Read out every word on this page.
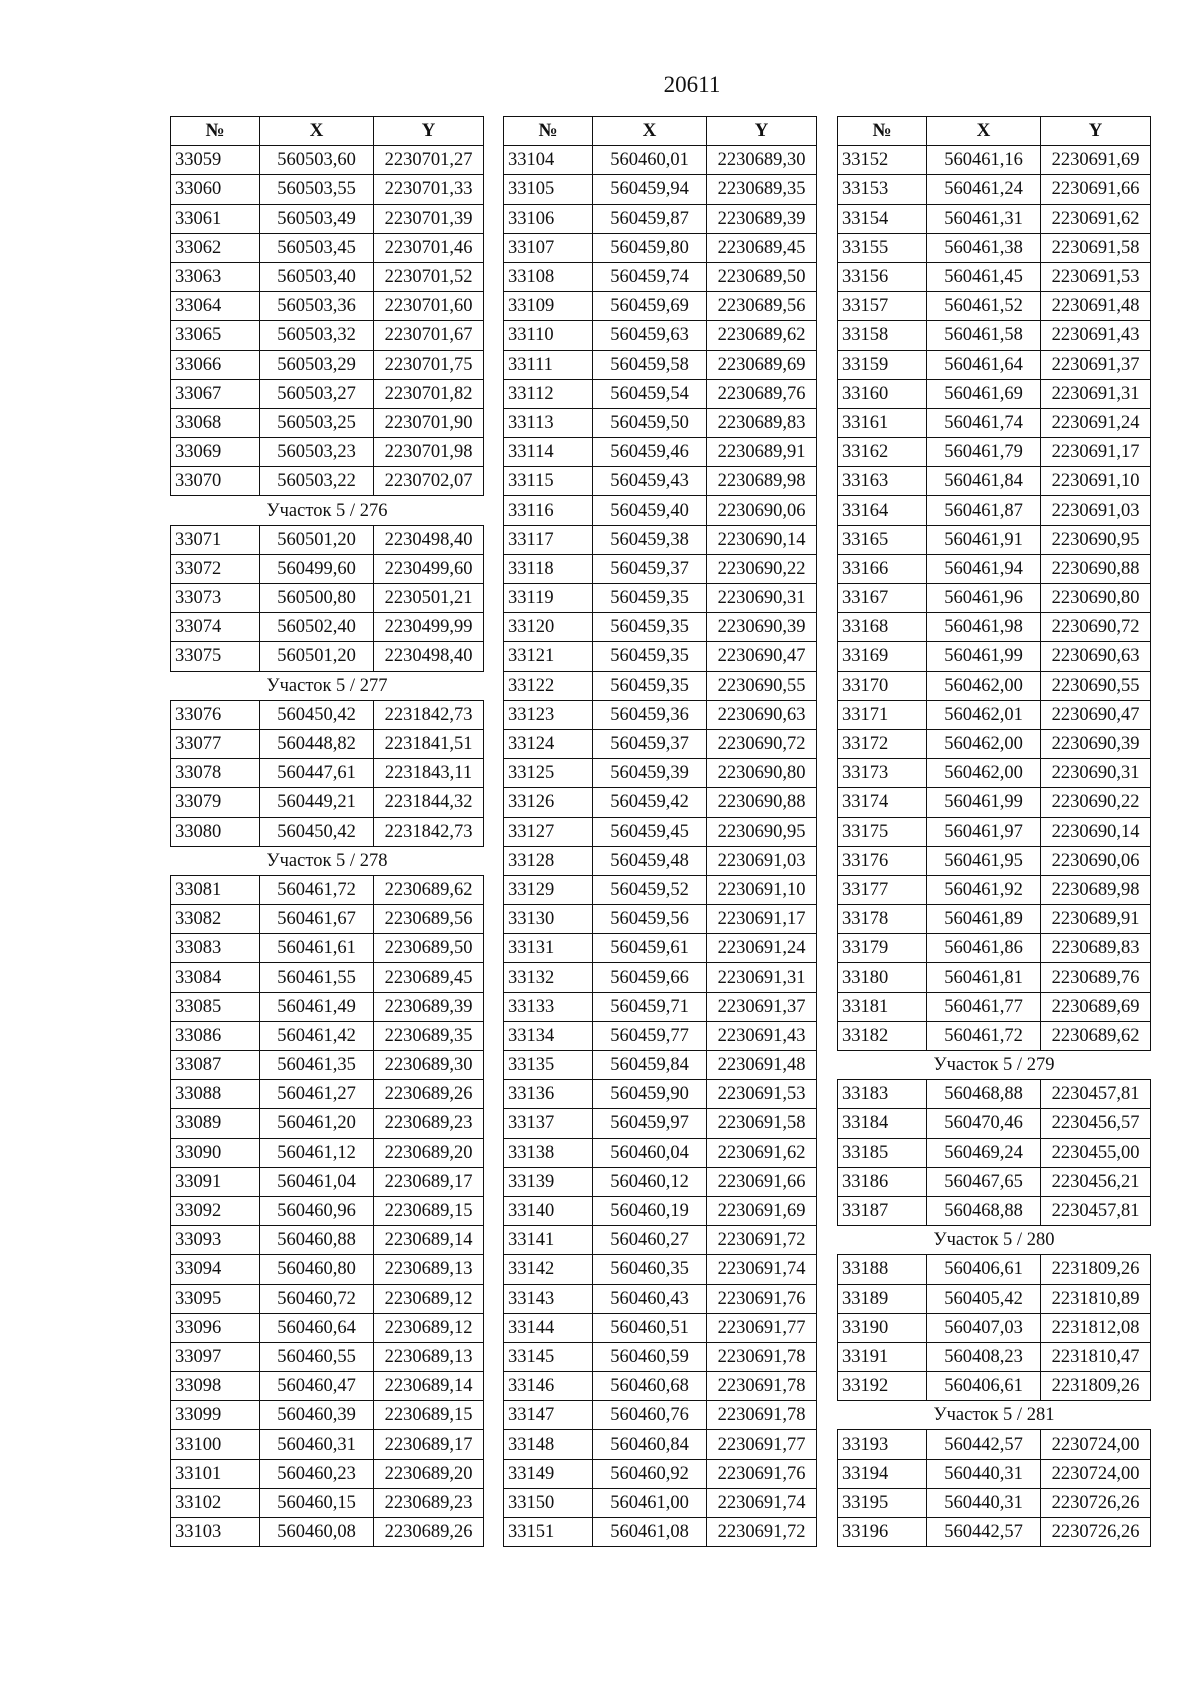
20611
№	X	Y
33059	560503,60	2230701,27
33060	560503,55	2230701,33
33061	560503,49	2230701,39
33062	560503,45	2230701,46
33063	560503,40	2230701,52
33064	560503,36	2230701,60
33065	560503,32	2230701,67
33066	560503,29	2230701,75
33067	560503,27	2230701,82
33068	560503,25	2230701,90
33069	560503,23	2230701,98
33070	560503,22	2230702,07
Участок 5 / 276		
33071	560501,20	2230498,40
33072	560499,60	2230499,60
33073	560500,80	2230501,21
33074	560502,40	2230499,99
33075	560501,20	2230498,40
Участок 5 / 277		
33076	560450,42	2231842,73
33077	560448,82	2231841,51
33078	560447,61	2231843,11
33079	560449,21	2231844,32
33080	560450,42	2231842,73
Участок 5 / 278		
33081	560461,72	2230689,62
33082	560461,67	2230689,56
33083	560461,61	2230689,50
33084	560461,55	2230689,45
33085	560461,49	2230689,39
33086	560461,42	2230689,35
33087	560461,35	2230689,30
33088	560461,27	2230689,26
33089	560461,20	2230689,23
33090	560461,12	2230689,20
33091	560461,04	2230689,17
33092	560460,96	2230689,15
33093	560460,88	2230689,14
33094	560460,80	2230689,13
33095	560460,72	2230689,12
33096	560460,64	2230689,12
33097	560460,55	2230689,13
33098	560460,47	2230689,14
33099	560460,39	2230689,15
33100	560460,31	2230689,17
33101	560460,23	2230689,20
33102	560460,15	2230689,23
33103	560460,08	2230689,26
№	X	Y
33104	560460,01	2230689,30
33105	560459,94	2230689,35
33106	560459,87	2230689,39
33107	560459,80	2230689,45
33108	560459,74	2230689,50
33109	560459,69	2230689,56
33110	560459,63	2230689,62
33111	560459,58	2230689,69
33112	560459,54	2230689,76
33113	560459,50	2230689,83
33114	560459,46	2230689,91
33115	560459,43	2230689,98
33116	560459,40	2230690,06
33117	560459,38	2230690,14
33118	560459,37	2230690,22
33119	560459,35	2230690,31
33120	560459,35	2230690,39
33121	560459,35	2230690,47
33122	560459,35	2230690,55
33123	560459,36	2230690,63
33124	560459,37	2230690,72
33125	560459,39	2230690,80
33126	560459,42	2230690,88
33127	560459,45	2230690,95
33128	560459,48	2230691,03
33129	560459,52	2230691,10
33130	560459,56	2230691,17
33131	560459,61	2230691,24
33132	560459,66	2230691,31
33133	560459,71	2230691,37
33134	560459,77	2230691,43
33135	560459,84	2230691,48
33136	560459,90	2230691,53
33137	560459,97	2230691,58
33138	560460,04	2230691,62
33139	560460,12	2230691,66
33140	560460,19	2230691,69
33141	560460,27	2230691,72
33142	560460,35	2230691,74
33143	560460,43	2230691,76
33144	560460,51	2230691,77
33145	560460,59	2230691,78
33146	560460,68	2230691,78
33147	560460,76	2230691,78
33148	560460,84	2230691,77
33149	560460,92	2230691,76
33150	560461,00	2230691,74
33151	560461,08	2230691,72
№	X	Y
33152	560461,16	2230691,69
33153	560461,24	2230691,66
33154	560461,31	2230691,62
33155	560461,38	2230691,58
33156	560461,45	2230691,53
33157	560461,52	2230691,48
33158	560461,58	2230691,43
33159	560461,64	2230691,37
33160	560461,69	2230691,31
33161	560461,74	2230691,24
33162	560461,79	2230691,17
33163	560461,84	2230691,10
33164	560461,87	2230691,03
33165	560461,91	2230690,95
33166	560461,94	2230690,88
33167	560461,96	2230690,80
33168	560461,98	2230690,72
33169	560461,99	2230690,63
33170	560462,00	2230690,55
33171	560462,01	2230690,47
33172	560462,00	2230690,39
33173	560462,00	2230690,31
33174	560461,99	2230690,22
33175	560461,97	2230690,14
33176	560461,95	2230690,06
33177	560461,92	2230689,98
33178	560461,89	2230689,91
33179	560461,86	2230689,83
33180	560461,81	2230689,76
33181	560461,77	2230689,69
33182	560461,72	2230689,62
Участок 5 / 279		
33183	560468,88	2230457,81
33184	560470,46	2230456,57
33185	560469,24	2230455,00
33186	560467,65	2230456,21
33187	560468,88	2230457,81
Участок 5 / 280		
33188	560406,61	2231809,26
33189	560405,42	2231810,89
33190	560407,03	2231812,08
33191	560408,23	2231810,47
33192	560406,61	2231809,26
Участок 5 / 281		
33193	560442,57	2230724,00
33194	560440,31	2230724,00
33195	560440,31	2230726,26
33196	560442,57	2230726,26
